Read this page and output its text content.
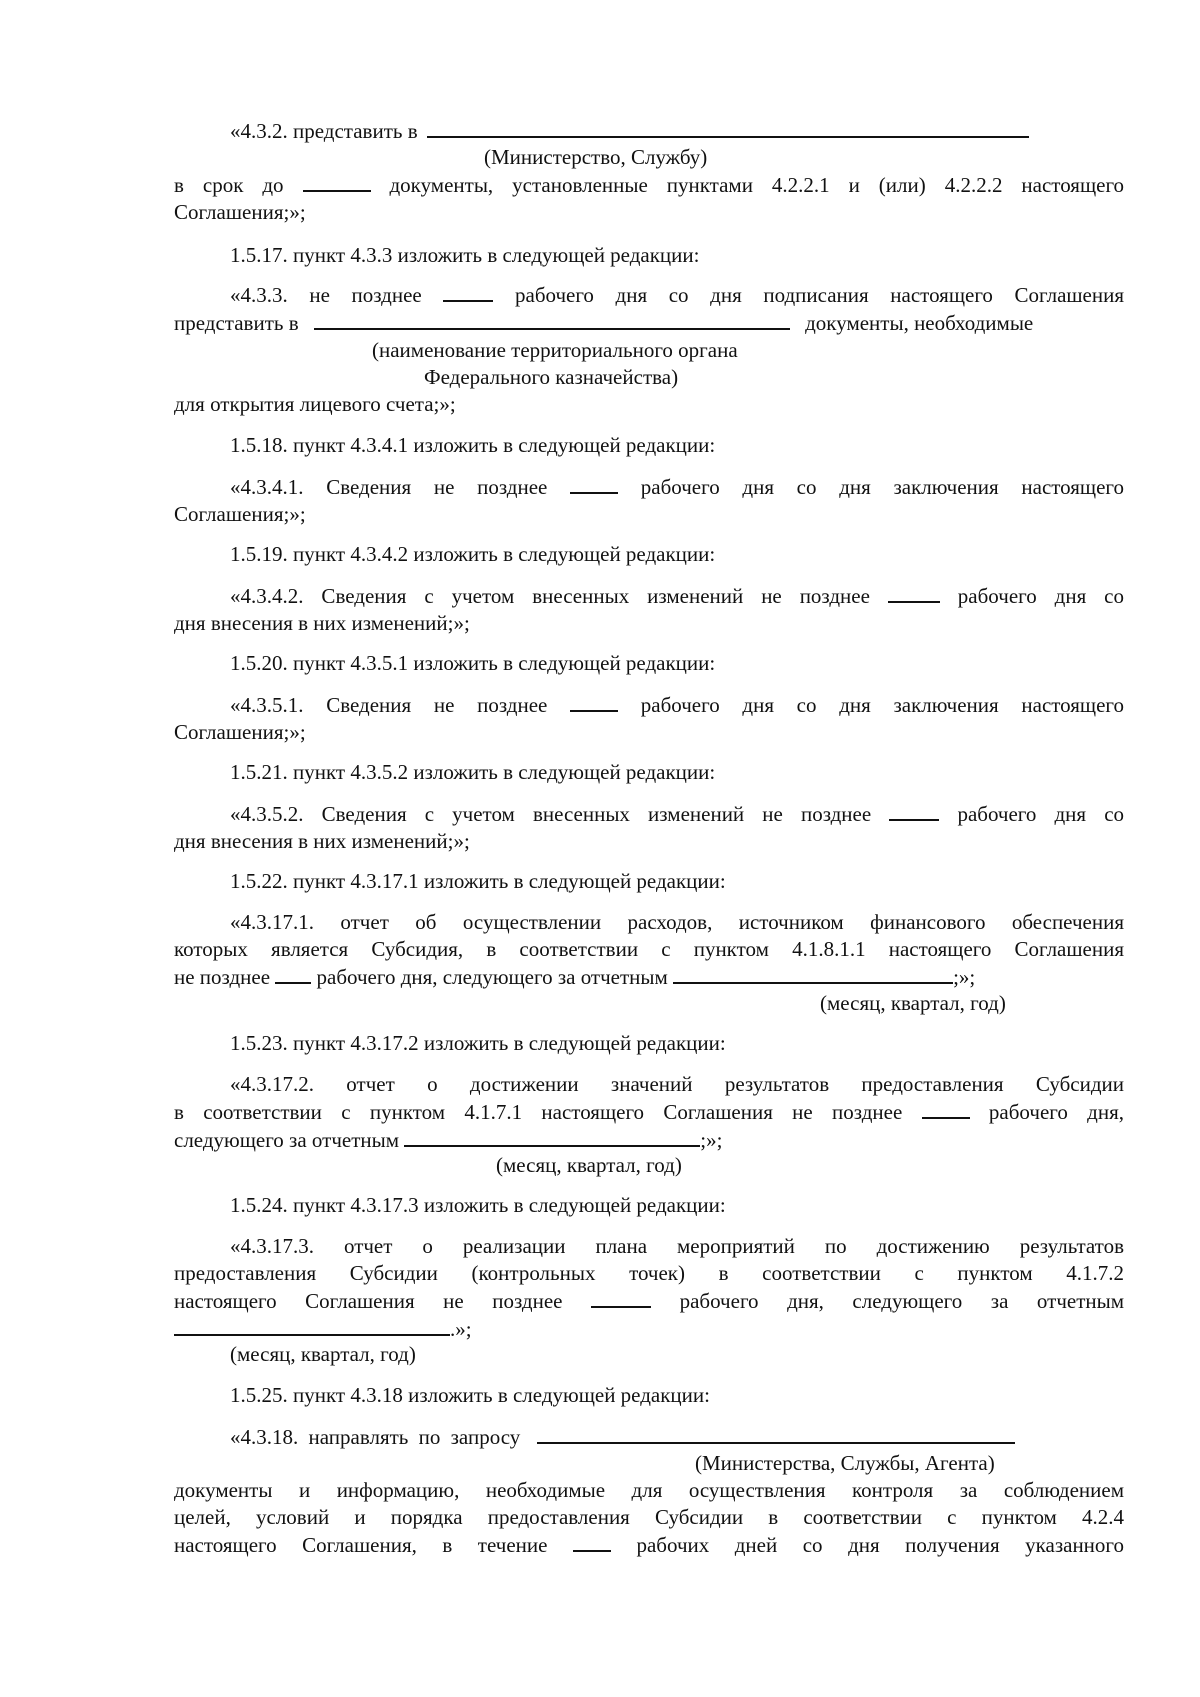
«4.3.2. представить в
(Министерство, Службу)
в срок до	документы, установленные пунктами 4.2.2.1 и (или) 4.2.2.2 настоящего
Соглашения;»;
1.5.17. пункт 4.3.3 изложить в следующей редакции:
«4.3.3. не позднее	рабочего дня со дня подписания настоящего Соглашения
представить в	документы, необходимые
(наименование территориального органа
Федерального казначейства)
для открытия лицевого счета;»;
1.5.18. пункт 4.3.4.1 изложить в следующей редакции:
«4.3.4.1. Сведения не позднее	рабочего дня со дня заключения настоящего
Соглашения;»;
1.5.19. пункт 4.3.4.2 изложить в следующей редакции:
«4.3.4.2. Сведения с учетом внесенных изменений не позднее	рабочего дня со
дня внесения в них изменений;»;
1.5.20. пункт 4.3.5.1 изложить в следующей редакции:
«4.3.5.1. Сведения не позднее	рабочего дня со дня заключения настоящего
Соглашения;»;
1.5.21. пункт 4.3.5.2 изложить в следующей редакции:
«4.3.5.2. Сведения с учетом внесенных изменений не позднее	рабочего дня со
дня внесения в них изменений;»;
1.5.22. пункт 4.3.17.1 изложить в следующей редакции:
«4.3.17.1. отчет об осуществлении расходов, источником финансового обеспечения
которых является Субсидия, в соответствии с пунктом 4.1.8.1.1 настоящего Соглашения
не позднее рабочего дня, следующего за отчетным	;»;
(месяц, квартал, год)
1.5.23. пункт 4.3.17.2 изложить в следующей редакции:
«4.3.17.2. отчет о достижении значений результатов предоставления Субсидии
в соответствии с пунктом 4.1.7.1 настоящего Соглашения не позднее	рабочего дня,
следующего за отчетным	;»;
(месяц, квартал, год)
1.5.24. пункт 4.3.17.3 изложить в следующей редакции:
«4.3.17.3. отчет о реализации плана мероприятий по достижению результатов
предоставления Субсидии (контрольных точек) в соответствии с пунктом 4.1.7.2
настоящего Соглашения не позднее	рабочего дня, следующего за отчетным
.»;
(месяц, квартал, год)
1.5.25. пункт 4.3.18 изложить в следующей редакции:
«4.3.18. направлять по запросу
(Министерства, Службы, Агента)
документы и информацию, необходимые для осуществления контроля за соблюдением
целей, условий и порядка предоставления Субсидии в соответствии с пунктом 4.2.4
настоящего Соглашения, в течение	рабочих дней со дня получения указанного
